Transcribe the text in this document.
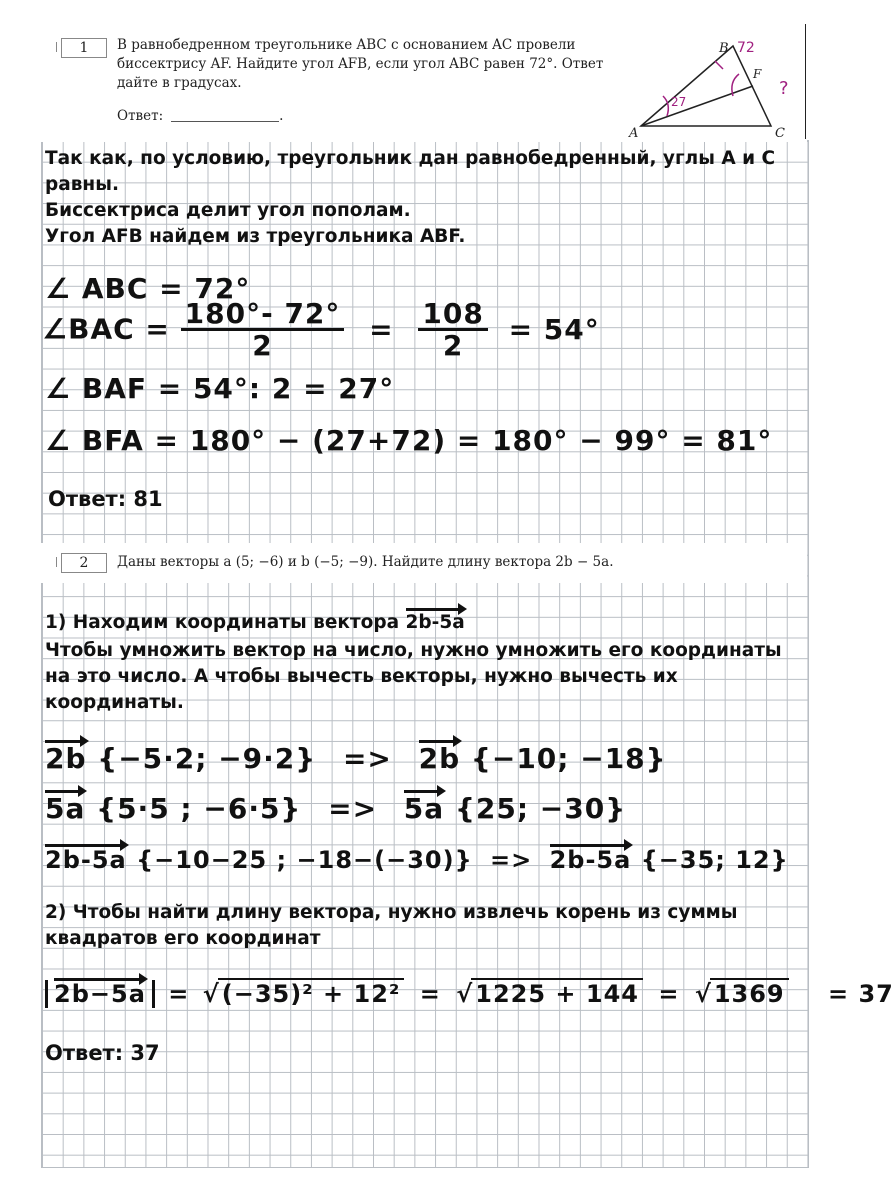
1	В равнобедренном треугольнике ABC с основанием AC провели биссектрису AF. Найдите угол AFB, если угол ABC равен 72°. Ответ дайте в градусах.
Ответ:	.
B
A	C
F
72
27
?
Так как, по условию, треугольник дан равнобедренный, углы А и С равны.
Биссектриса делит угол пополам.
Угол AFB найдем из треугольника ABF.
∠ ABC = 72°
∠BAC = $\frac{180^\circ- 72^\circ}{2} = \frac{108}{2} = 54^\circ$
∠ BAF = 54°: 2 = 27°
∠ BFA = 180° − (27+72) = 180° − 99° = 81°
Ответ: 81
2	Даны векторы a (5; −6) и b (−5; −9). Найдите длину вектора 2b − 5a.
1) Находим координаты вектора 2b-5a
Чтобы умножить вектор на число, нужно умножить его координаты на это число. А чтобы вычесть векторы, нужно вычесть их координаты.
2b {−5·2; −9·2} => 2b {−10; −18}
5a {5·5 ; −6·5} => 5a {25; −30}
2b-5a {−10−25 ; −18−(−30)} => 2b-5a {−35; 12}
2) Чтобы найти длину вектора, нужно извлечь корень из суммы квадратов его координат
2b−5a = √(−35)² + 12² = √1225 + 144 = √1369 = 37
Ответ: 37
